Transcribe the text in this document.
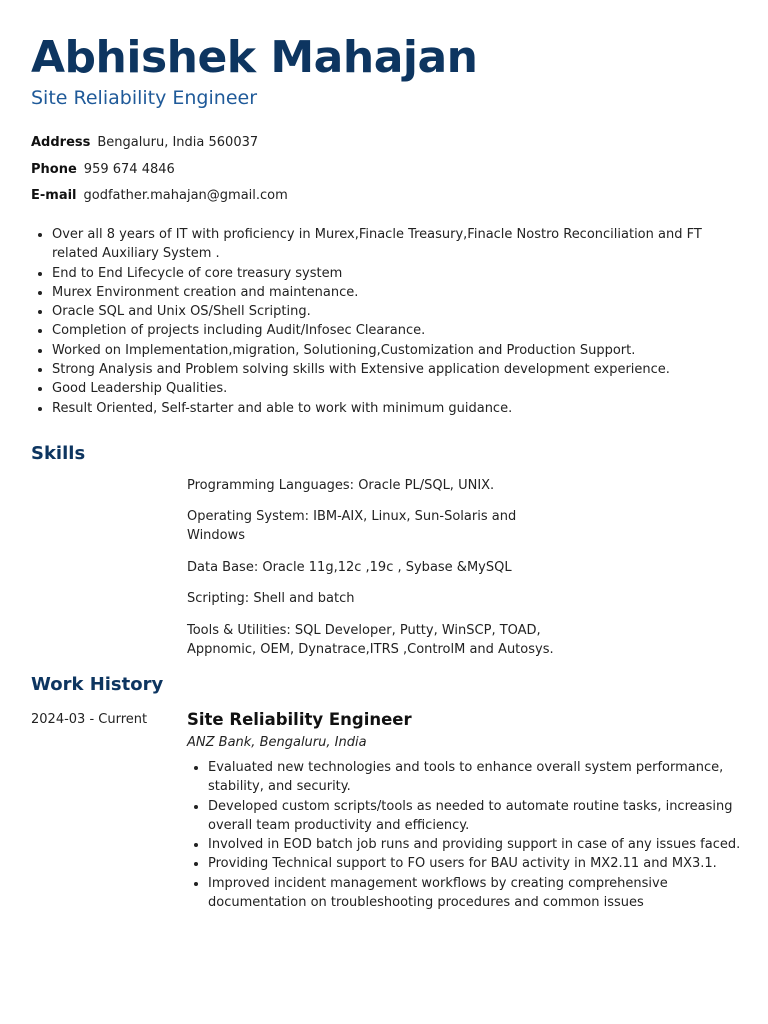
Abhishek Mahajan
Site Reliability Engineer
Address Bengaluru, India 560037
Phone 959 674 4846
E-mail godfather.mahajan@gmail.com
• Over all 8 years of IT with proficiency in Murex,Finacle Treasury,Finacle Nostro Reconciliation and FT related Auxiliary System .
• End to End Lifecycle of core treasury system
• Murex Environment creation and maintenance.
• Oracle SQL and Unix OS/Shell Scripting.
• Completion of projects including Audit/Infosec Clearance.
• Worked on Implementation,migration, Solutioning,Customization and Production Support.
• Strong Analysis and Problem solving skills with Extensive application development experience.
• Good Leadership Qualities.
• Result Oriented, Self-starter and able to work with minimum guidance.
Skills
Programming Languages: Oracle PL/SQL, UNIX.
Operating System: IBM-AIX, Linux, Sun-Solaris and Windows
Data Base: Oracle 11g,12c ,19c , Sybase &MySQL
Scripting: Shell and batch
Tools & Utilities: SQL Developer, Putty, WinSCP, TOAD, Appnomic, OEM, Dynatrace,ITRS ,ControlM and Autosys.
Work History
2024-03 - Current Site Reliability Engineer
ANZ Bank, Bengaluru, India
• Evaluated new technologies and tools to enhance overall system performance, stability, and security.
• Developed custom scripts/tools as needed to automate routine tasks, increasing overall team productivity and efficiency.
• Involved in EOD batch job runs and providing support in case of any issues faced.
• Providing Technical support to FO users for BAU activity in MX2.11 and MX3.1.
• Improved incident management workflows by creating comprehensive documentation on troubleshooting procedures and common issues
